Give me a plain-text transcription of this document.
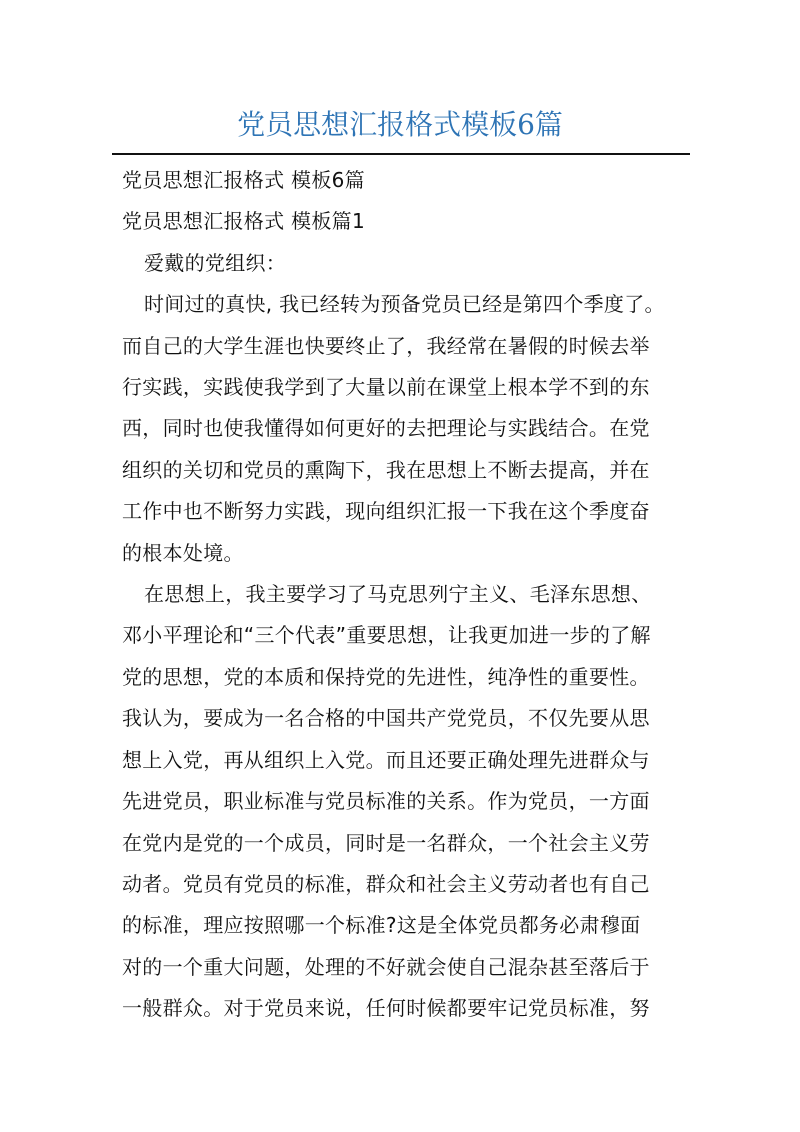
党员思想汇报格式模板6篇

党员思想汇报格式 模板6篇

党员思想汇报格式 模板篇1

爱戴的党组织：

时间过的真快, 我已经转为预备党员已经是第四个季度了。

而自己的大学生涯也快要终止了，我经常在暑假的时候去举

行实践，实践使我学到了大量以前在课堂上根本学不到的东

西，同时也使我懂得如何更好的去把理论与实践结合。在党

组织的关切和党员的熏陶下，我在思想上不断去提高，并在

工作中也不断努力实践，现向组织汇报一下我在这个季度奋

的根本处境。

在思想上，我主要学习了马克思列宁主义、毛泽东思想、

邓小平理论和“三个代表”重要思想，让我更加进一步的了解

党的思想，党的本质和保持党的先进性，纯净性的重要性。

我认为，要成为一名合格的中国共产党党员，不仅先要从思

想上入党，再从组织上入党。而且还要正确处理先进群众与

先进党员，职业标准与党员标准的关系。作为党员，一方面

在党内是党的一个成员，同时是一名群众，一个社会主义劳

动者。党员有党员的标准，群众和社会主义劳动者也有自己

的标准，理应按照哪一个标准?这是全体党员都务必肃穆面

对的一个重大问题，处理的不好就会使自己混杂甚至落后于

一般群众。对于党员来说，任何时候都要牢记党员标准，努
